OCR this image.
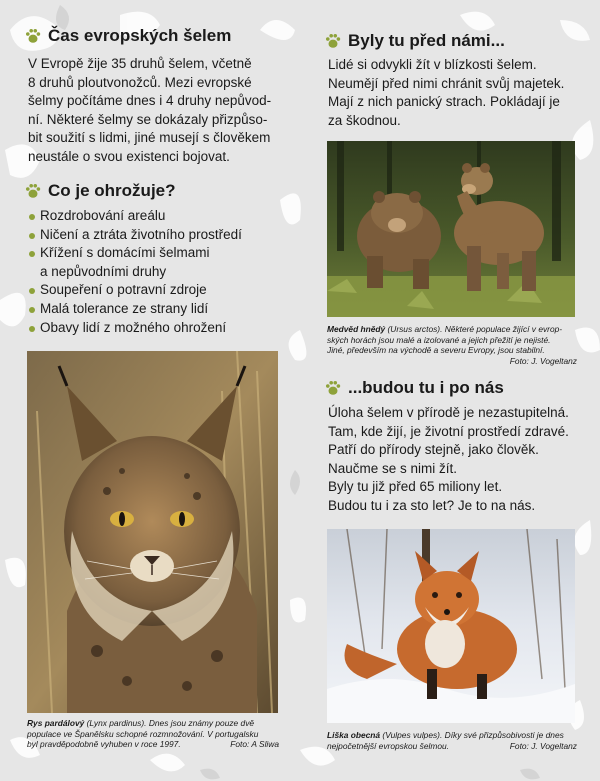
Čas evropských šelem

V Evropě žije 35 druhů šelem, včetně

8 druhů ploutvonožců. Mezi evropské

šelmy počítáme dnes i 4 druhy nepůvod-

ní. Některé šelmy se dokázaly přizpůso-

bit soužití s lidmi, jiné musejí s člověkem

neustále o svou existenci bojovat.

Co je ohrožuje?
Rozdrobování areálu
Ničení a ztráta životního prostředí
Křížení s domácími šelmami
a nepůvodními druhy
Soupeření o potravní zdroje
Malá tolerance ze strany lidí
Obavy lidí z možného ohrožení
Byly tu před námi...

Lidé si odvykli žít v blízkosti šelem.

Neumějí před nimi chránit svůj majetek.

Mají z nich panický strach. Pokládají je

za škodnou.

Medvěd hnědý (Ursus arctos). Některé populace žijící v evrop-
ských horách jsou malé a izolované a jejich přežití je nejisté.
Jiné, především na východě a severu Evropy, jsou stabilní.
Foto: J. Vogeltanz
...budou tu i po nás

Úloha šelem v přírodě je nezastupitelná.

Tam, kde žijí, je životní prostředí zdravé.

Patří do přírody stejně, jako člověk.

Naučme se s nimi žít.

Byly tu již před 65 miliony let.

Budou tu i za sto let? Je to na nás.

Rys pardálový (Lynx pardinus). Dnes jsou známy pouze dvě
populace ve Španělsku schopné rozmnožování. V portugalsku
byl pravděpodobně vyhuben v roce 1997.	Foto: A Sliwa
Liška obecná (Vulpes vulpes). Díky své přizpůsobivosti je dnes
nejpočetnější evropskou šelmou.	Foto: J. Vogeltanz
